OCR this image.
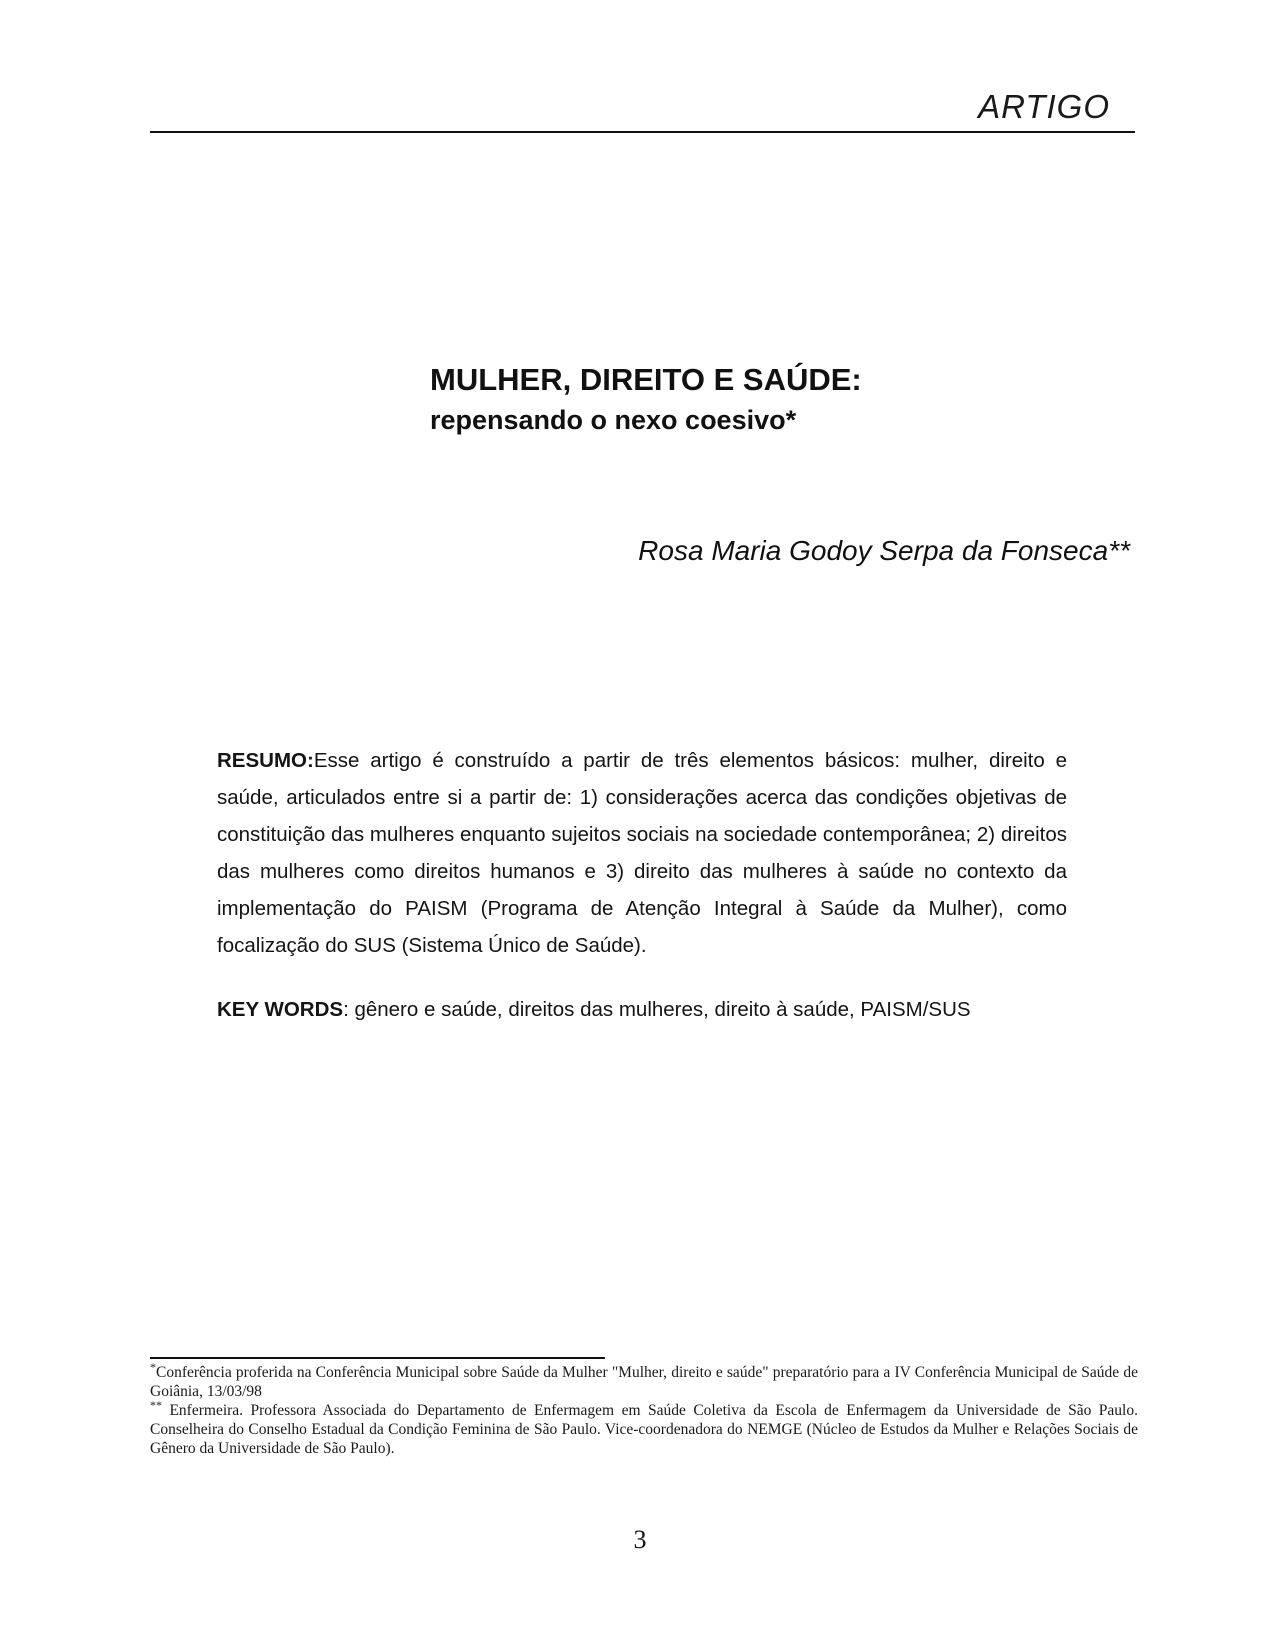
ARTIGO
MULHER, DIREITO E SAÚDE:
repensando o nexo coesivo*
Rosa Maria Godoy Serpa da Fonseca**
RESUMO:Esse artigo é construído a partir de três elementos básicos: mulher, direito e saúde, articulados entre si a partir de: 1) considerações acerca das condições objetivas de constituição das mulheres enquanto sujeitos sociais na sociedade contemporânea; 2) direitos das mulheres como direitos humanos e 3) direito das mulheres à saúde no contexto da implementação do PAISM (Programa de Atenção Integral à Saúde da Mulher), como focalização do SUS (Sistema Único de Saúde).
KEY WORDS: gênero e saúde, direitos das mulheres, direito à saúde, PAISM/SUS

*Conferência proferida na Conferência Municipal sobre Saúde da Mulher "Mulher, direito e saúde" preparatório para a IV Conferência Municipal de Saúde de Goiânia, 13/03/98

** Enfermeira. Professora Associada do Departamento de Enfermagem em Saúde Coletiva da Escola de Enfermagem da Universidade de São Paulo. Conselheira do Conselho Estadual da Condição Feminina de São Paulo. Vice-coordenadora do NEMGE (Núcleo de Estudos da Mulher e Relações Sociais de Gênero da Universidade de São Paulo).

3
